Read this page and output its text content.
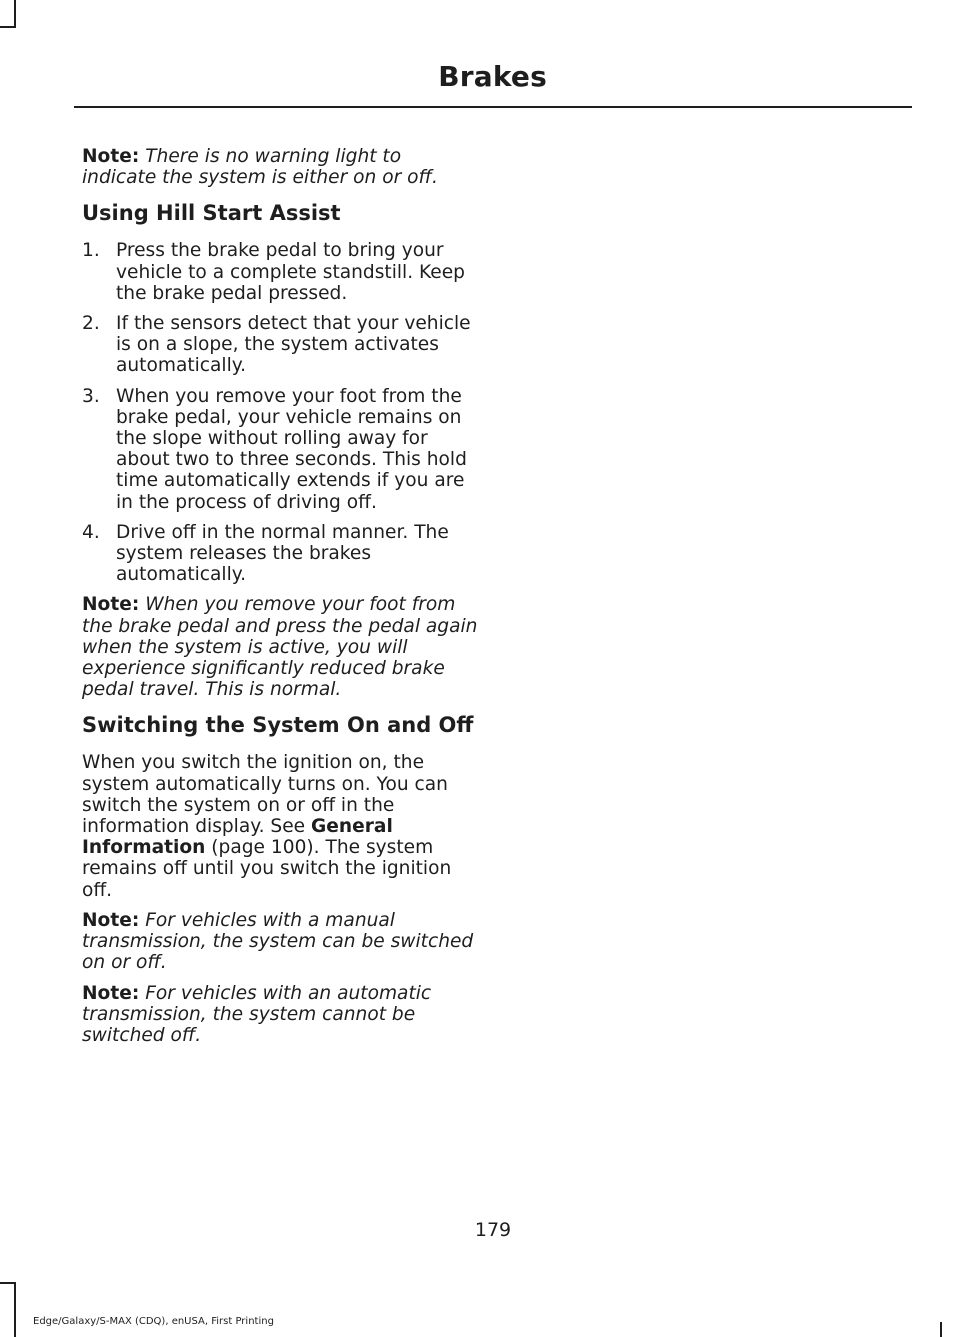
Brakes

Note: There is no warning light to indicate the system is either on or off.

Using Hill Start Assist
1. Press the brake pedal to bring your vehicle to a complete standstill. Keep the brake pedal pressed.
2. If the sensors detect that your vehicle is on a slope, the system activates automatically.
3. When you remove your foot from the brake pedal, your vehicle remains on the slope without rolling away for about two to three seconds. This hold time automatically extends if you are in the process of driving off.
4. Drive off in the normal manner. The system releases the brakes automatically.

Note: When you remove your foot from the brake pedal and press the pedal again when the system is active, you will experience significantly reduced brake pedal travel. This is normal.

Switching the System On and Off

When you switch the ignition on, the system automatically turns on. You can switch the system on or off in the information display. See General Information (page 100). The system remains off until you switch the ignition off.

Note: For vehicles with a manual transmission, the system can be switched on or off.

Note: For vehicles with an automatic transmission, the system cannot be switched off.

179
Edge/Galaxy/S-MAX (CDQ), enUSA, First Printing
